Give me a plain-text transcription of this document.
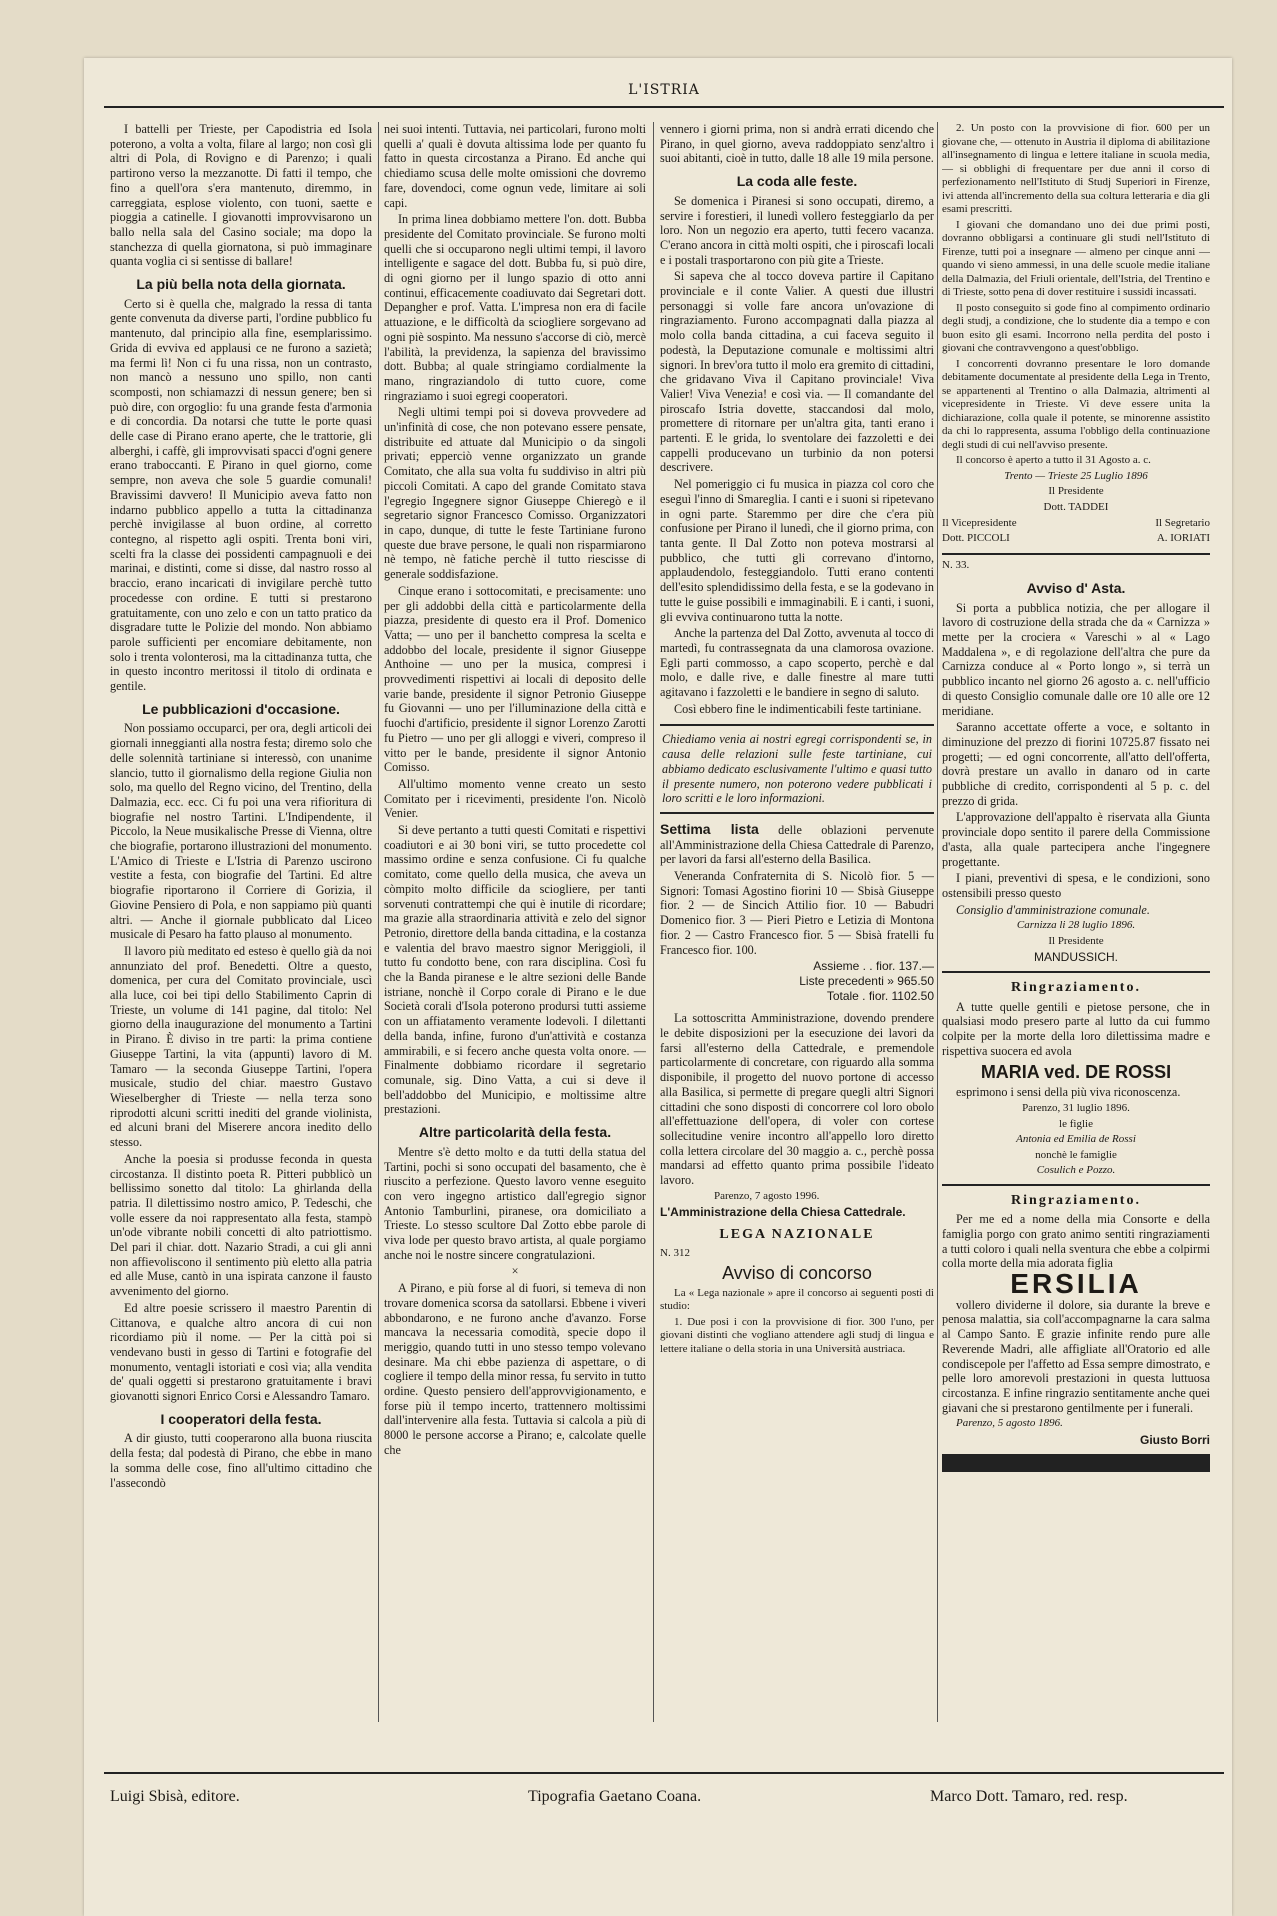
L'ISTRIA

I battelli per Trieste, per Capodistria ed Isola poterono, a volta a volta, filare al largo; non così gli altri di Pola, di Rovigno e di Parenzo; i quali partirono verso la mezzanotte. Di fatti il tempo, che fino a quell'ora s'era mantenuto, diremmo, in carreggiata, esplose violento, con tuoni, saette e pioggia a catinelle. I giovanotti improvvisarono un ballo nella sala del Casino sociale; ma dopo la stanchezza di quella giornatona, si può immaginare quanta voglia ci si sentisse di ballare!

La più bella nota della giornata.

Certo si è quella che, malgrado la ressa di tanta gente convenuta da diverse parti, l'ordine pubblico fu mantenuto, dal principio alla fine, esemplarissimo. Grida di evviva ed applausi ce ne furono a sazietà; ma fermi lì! Non ci fu una rissa, non un contrasto, non mancò a nessuno uno spillo, non canti scomposti, non schiamazzi di nessun genere; ben si può dire, con orgoglio: fu una grande festa d'armonia e di concordia. Da notarsi che tutte le porte quasi delle case di Pirano erano aperte, che le trattorie, gli alberghi, i caffè, gli improvvisati spacci d'ogni genere erano traboccanti. E Pirano in quel giorno, come sempre, non aveva che sole 5 guardie comunali! Bravissimi davvero! Il Municipio aveva fatto non indarno pubblico appello a tutta la cittadinanza perchè invigilasse al buon ordine, al corretto contegno, al rispetto agli ospiti. Trenta boni viri, scelti fra la classe dei possidenti campagnuoli e dei marinai, e distinti, come si disse, dal nastro rosso al braccio, erano incaricati di invigilare perchè tutto procedesse con ordine. E tutti si prestarono gratuitamente, con uno zelo e con un tatto pratico da disgradare tutte le Polizie del mondo. Non abbiamo parole sufficienti per encomiare debitamente, non solo i trenta volonterosi, ma la cittadinanza tutta, che in questo incontro meritossi il titolo di ordinata e gentile.

Le pubblicazioni d'occasione.

Non possiamo occuparci, per ora, degli articoli dei giornali inneggianti alla nostra festa; diremo solo che delle solennità tartiniane si interessò, con unanime slancio, tutto il giornalismo della regione Giulia non solo, ma quello del Regno vicino, del Trentino, della Dalmazia, ecc. ecc. Ci fu poi una vera rifioritura di biografie nel nostro Tartini. L'Indipendente, il Piccolo, la Neue musikalische Presse di Vienna, oltre che biografie, portarono illustrazioni del monumento. L'Amico di Trieste e L'Istria di Parenzo uscirono vestite a festa, con biografie del Tartini. Ed altre biografie riportarono il Corriere di Gorizia, il Giovine Pensiero di Pola, e non sappiamo più quanti altri. — Anche il giornale pubblicato dal Liceo musicale di Pesaro ha fatto plauso al monumento.

Il lavoro più meditato ed esteso è quello già da noi annunziato del prof. Benedetti. Oltre a questo, domenica, per cura del Comitato provinciale, uscì alla luce, coi bei tipi dello Stabilimento Caprin di Trieste, un volume di 141 pagine, dal titolo: Nel giorno della inaugurazione del monumento a Tartini in Pirano. È diviso in tre parti: la prima contiene Giuseppe Tartini, la vita (appunti) lavoro di M. Tamaro — la seconda Giuseppe Tartini, l'opera musicale, studio del chiar. maestro Gustavo Wieselbergher di Trieste — nella terza sono riprodotti alcuni scritti inediti del grande violinista, ed alcuni brani del Miserere ancora inedito dello stesso.

Anche la poesia si produsse feconda in questa circostanza. Il distinto poeta R. Pitteri pubblicò un bellissimo sonetto dal titolo: La ghirlanda della patria. Il dilettissimo nostro amico, P. Tedeschi, che volle essere da noi rappresentato alla festa, stampò un'ode vibrante nobili concetti di alto patriottismo. Del pari il chiar. dott. Nazario Stradi, a cui gli anni non affievoliscono il sentimento più eletto alla patria ed alle Muse, cantò in una ispirata canzone il fausto avvenimento del giorno.

Ed altre poesie scrissero il maestro Parentin di Cittanova, e qualche altro ancora di cui non ricordiamo più il nome. — Per la città poi si vendevano busti in gesso di Tartini e fotografie del monumento, ventagli istoriati e così via; alla vendita de' quali oggetti si prestarono gratuitamente i bravi giovanotti signori Enrico Corsi e Alessandro Tamaro.

I cooperatori della festa.

A dir giusto, tutti cooperarono alla buona riuscita della festa; dal podestà di Pirano, che ebbe in mano la somma delle cose, fino all'ultimo cittadino che l'assecondò

nei suoi intenti. Tuttavia, nei particolari, furono molti quelli a' quali è dovuta altissima lode per quanto fu fatto in questa circostanza a Pirano. Ed anche qui chiediamo scusa delle molte omissioni che dovremo fare, dovendoci, come ognun vede, limitare ai soli capi.

In prima linea dobbiamo mettere l'on. dott. Bubba presidente del Comitato provinciale. Se furono molti quelli che si occuparono negli ultimi tempi, il lavoro intelligente e sagace del dott. Bubba fu, si può dire, di ogni giorno per il lungo spazio di otto anni continui, efficacemente coadiuvato dai Segretari dott. Depangher e prof. Vatta. L'impresa non era di facile attuazione, e le difficoltà da sciogliere sorgevano ad ogni piè sospinto. Ma nessuno s'accorse di ciò, mercè l'abilità, la previdenza, la sapienza del bravissimo dott. Bubba; al quale stringiamo cordialmente la mano, ringraziandolo di tutto cuore, come ringraziamo i suoi egregi cooperatori.

Negli ultimi tempi poi si doveva provvedere ad un'infinità di cose, che non potevano essere pensate, distribuite ed attuate dal Municipio o da singoli privati; epperciò venne organizzato un grande Comitato, che alla sua volta fu suddiviso in altri più piccoli Comitati. A capo del grande Comitato stava l'egregio Ingegnere signor Giuseppe Chieregò e il segretario signor Francesco Comisso. Organizzatori in capo, dunque, di tutte le feste Tartiniane furono queste due brave persone, le quali non risparmiarono nè tempo, nè fatiche perchè il tutto riescisse di generale soddisfazione.

Cinque erano i sottocomitati, e precisamente: uno per gli addobbi della città e particolarmente della piazza, presidente di questo era il Prof. Domenico Vatta; — uno per il banchetto compresa la scelta e addobbo del locale, presidente il signor Giuseppe Anthoine — uno per la musica, compresi i provvedimenti rispettivi ai locali di deposito delle varie bande, presidente il signor Petronio Giuseppe fu Giovanni — uno per l'illuminazione della città e fuochi d'artificio, presidente il signor Lorenzo Zarotti fu Pietro — uno per gli alloggi e viveri, compreso il vitto per le bande, presidente il signor Antonio Comisso.

All'ultimo momento venne creato un sesto Comitato per i ricevimenti, presidente l'on. Nicolò Venier.

Si deve pertanto a tutti questi Comitati e rispettivi coadiutori e ai 30 boni viri, se tutto procedette col massimo ordine e senza confusione. Ci fu qualche comitato, come quello della musica, che aveva un còmpito molto difficile da sciogliere, per tanti sorvenuti contrattempi che qui è inutile di ricordare; ma grazie alla straordinaria attività e zelo del signor Petronio, direttore della banda cittadina, e la costanza e valentia del bravo maestro signor Meriggioli, il tutto fu condotto bene, con rara disciplina. Così fu che la Banda piranese e le altre sezioni delle Bande istriane, nonchè il Corpo corale di Pirano e le due Società corali d'Isola poterono prodursi tutti assieme con un affiatamento veramente lodevoli. I dilettanti della banda, infine, furono d'un'attività e costanza ammirabili, e si fecero anche questa volta onore. — Finalmente dobbiamo ricordare il segretario comunale, sig. Dino Vatta, a cui si deve il bell'addobbo del Municipio, e moltissime altre prestazioni.

Altre particolarità della festa.

Mentre s'è detto molto e da tutti della statua del Tartini, pochi si sono occupati del basamento, che è riuscito a perfezione. Questo lavoro venne eseguito con vero ingegno artistico dall'egregio signor Antonio Tamburlini, piranese, ora domiciliato a Trieste. Lo stesso scultore Dal Zotto ebbe parole di viva lode per questo bravo artista, al quale porgiamo anche noi le nostre sincere congratulazioni.

×

A Pirano, e più forse al di fuori, si temeva di non trovare domenica scorsa da satollarsi. Ebbene i viveri abbondarono, e ne furono anche d'avanzo. Forse mancava la necessaria comodità, specie dopo il meriggio, quando tutti in uno stesso tempo volevano desinare. Ma chi ebbe pazienza di aspettare, o di cogliere il tempo della minor ressa, fu servito in tutto ordine. Questo pensiero dell'approvvigionamento, e forse più il tempo incerto, trattennero moltissimi dall'intervenire alla festa. Tuttavia si calcola a più di 8000 le persone accorse a Pirano; e, calcolate quelle che

vennero i giorni prima, non si andrà errati dicendo che Pirano, in quel giorno, aveva raddoppiato senz'altro i suoi abitanti, cioè in tutto, dalle 18 alle 19 mila persone.

La coda alle feste.

Se domenica i Piranesi si sono occupati, diremo, a servire i forestieri, il lunedì vollero festeggiarlo da per loro. Non un negozio era aperto, tutti fecero vacanza. C'erano ancora in città molti ospiti, che i piroscafi locali e i postali trasportarono con più gite a Trieste.

Si sapeva che al tocco doveva partire il Capitano provinciale e il conte Valier. A questi due illustri personaggi si volle fare ancora un'ovazione di ringraziamento. Furono accompagnati dalla piazza al molo colla banda cittadina, a cui faceva seguito il podestà, la Deputazione comunale e moltissimi altri signori. In brev'ora tutto il molo era gremito di cittadini, che gridavano Viva il Capitano provinciale! Viva Valier! Viva Venezia! e così via. — Il comandante del piroscafo Istria dovette, staccandosi dal molo, promettere di ritornare per un'altra gita, tanti erano i partenti. E le grida, lo sventolare dei fazzoletti e dei cappelli producevano un turbinio da non potersi descrivere.

Nel pomeriggio ci fu musica in piazza col coro che eseguì l'inno di Smareglia. I canti e i suoni si ripetevano in ogni parte. Staremmo per dire che c'era più confusione per Pirano il lunedì, che il giorno prima, con tanta gente. Il Dal Zotto non poteva mostrarsi al pubblico, che tutti gli correvano d'intorno, applaudendolo, festeggiandolo. Tutti erano contenti dell'esito splendidissimo della festa, e se la godevano in tutte le guise possibili e immaginabili. E i canti, i suoni, gli evviva continuarono tutta la notte.

Anche la partenza del Dal Zotto, avvenuta al tocco di martedì, fu contrassegnata da una clamorosa ovazione. Egli parti commosso, a capo scoperto, perchè e dal molo, e dalle rive, e dalle finestre al mare tutti agitavano i fazzoletti e le bandiere in segno di saluto.

Così ebbero fine le indimenticabili feste tartiniane.

Chiediamo venia ai nostri egregi corrispondenti se, in causa delle relazioni sulle feste tartiniane, cui abbiamo dedicato esclusivamente l'ultimo e quasi tutto il presente numero, non poterono vedere pubblicati i loro scritti e le loro informazioni.

Settima lista delle oblazioni pervenute all'Amministrazione della Chiesa Cattedrale di Parenzo, per lavori da farsi all'esterno della Basilica.

Veneranda Confraternita di S. Nicolò fior. 5 — Signori: Tomasi Agostino fiorini 10 — Sbisà Giuseppe fior. 2 — de Sincich Attilio fior. 10 — Babudri Domenico fior. 3 — Pieri Pietro e Letizia di Montona fior. 2 — Castro Francesco fior. 5 — Sbisà fratelli fu Francesco fior. 100.

Assieme . . fior. 137.—
Liste precedenti » 965.50
Totale . fior. 1102.50

La sottoscritta Amministrazione, dovendo prendere le debite disposizioni per la esecuzione dei lavori da farsi all'esterno della Cattedrale, e premendole particolarmente di concretare, con riguardo alla somma disponibile, il progetto del nuovo portone di accesso alla Basilica, si permette di pregare quegli altri Signori cittadini che sono disposti di concorrere col loro obolo all'effettuazione dell'opera, di voler con cortese sollecitudine venire incontro all'appello loro diretto colla lettera circolare del 30 maggio a. c., perchè possa mandarsi ad effetto quanto prima possibile l'ideato lavoro.

Parenzo, 7 agosto 1996.

L'Amministrazione della Chiesa Cattedrale.

LEGA NAZIONALE

N. 312

Avviso di concorso

La « Lega nazionale » apre il concorso ai seguenti posti di studio:

1. Due posi i con la provvisione di fior. 300 l'uno, per giovani distinti che vogliano attendere agli studj di lingua e lettere italiane o della storia in una Università austriaca.

2. Un posto con la provvisione di fior. 600 per un giovane che, — ottenuto in Austria il diploma di abilitazione all'insegnamento di lingua e lettere italiane in scuola media, — si obblighi di frequentare per due anni il corso di perfezionamento nell'Istituto di Studj Superiori in Firenze, ivi attenda all'incremento della sua coltura letteraria e dia gli esami prescritti.

I giovani che domandano uno dei due primi posti, dovranno obbligarsi a continuare gli studi nell'Istituto di Firenze, tutti poi a insegnare — almeno per cinque anni — quando vi sieno ammessi, in una delle scuole medie italiane della Dalmazia, del Friuli orientale, dell'Istria, del Trentino e di Trieste, sotto pena di dover restituire i sussidi incassati.

Il posto conseguito si gode fino al compimento ordinario degli studj, a condizione, che lo studente dia a tempo e con buon esito gli esami. Incorrono nella perdita del posto i giovani che contravvengono a quest'obbligo.

I concorrenti dovranno presentare le loro domande debitamente documentate al presidente della Lega in Trento, se appartenenti al Trentino o alla Dalmazia, altrimenti al vicepresidente in Trieste. Vi deve essere unita la dichiarazione, colla quale il potente, se minorenne assistito da chi lo rappresenta, assuma l'obbligo della continuazione degli studi di cui nell'avviso presente.

Il concorso è aperto a tutto il 31 Agosto a. c.

Trento — Trieste 25 Luglio 1896

Il Presidente

Dott. TADDEI

Il Vicepresidente	Il Segretario
Dott. PICCOLI	A. IORIATI

N. 33.

Avviso d' Asta.

Si porta a pubblica notizia, che per allogare il lavoro di costruzione della strada che da « Carnizza » mette per la crociera « Vareschi » al « Lago Maddalena », e di regolazione dell'altra che pure da Carnizza conduce al « Porto longo », si terrà un pubblico incanto nel giorno 26 agosto a. c. nell'ufficio di questo Consiglio comunale dalle ore 10 alle ore 12 meridiane.

Saranno accettate offerte a voce, e soltanto in diminuzione del prezzo di fiorini 10725.87 fissato nei progetti; — ed ogni concorrente, all'atto dell'offerta, dovrà prestare un avallo in danaro od in carte pubbliche di credito, corrispondenti al 5 p. c. del prezzo di grida.

L'approvazione dell'appalto è riservata alla Giunta provinciale dopo sentito il parere della Commissione d'asta, alla quale partecipera anche l'ingegnere progettante.

I piani, preventivi di spesa, e le condizioni, sono ostensibili presso questo

Consiglio d'amministrazione comunale.

Carnizza li 28 luglio 1896.

Il Presidente

MANDUSSICH.

Ringraziamento.

A tutte quelle gentili e pietose persone, che in qualsiasi modo presero parte al lutto da cui fummo colpite per la morte della loro dilettissima madre e rispettiva suocera ed avola

MARIA ved. DE ROSSI

esprimono i sensi della più viva riconoscenza.

Parenzo, 31 luglio 1896.

le figlie

Antonia ed Emilia de Rossi

nonchè le famiglie

Cosulich e Pozzo.

Ringraziamento.

Per me ed a nome della mia Consorte e della famiglia porgo con grato animo sentiti ringraziamenti a tutti coloro i quali nella sventura che ebbe a colpirmi colla morte della mia adorata figlia

ERSILIA

vollero dividerne il dolore, sia durante la breve e penosa malattia, sia coll'accompagnarne la cara salma al Campo Santo. E grazie infinite rendo pure alle Reverende Madri, alle affigliate all'Oratorio ed alle condiscepole per l'affetto ad Essa sempre dimostrato, e pelle loro amorevoli prestazioni in questa luttuosa circostanza. E infine ringrazio sentitamente anche quei giavani che si prestarono gentilmente per i funerali.

Parenzo, 5 agosto 1896.

Giusto Borri

Luigi Sbisà, editore.	Tipografia Gaetano Coana.	Marco Dott. Tamaro, red. resp.
